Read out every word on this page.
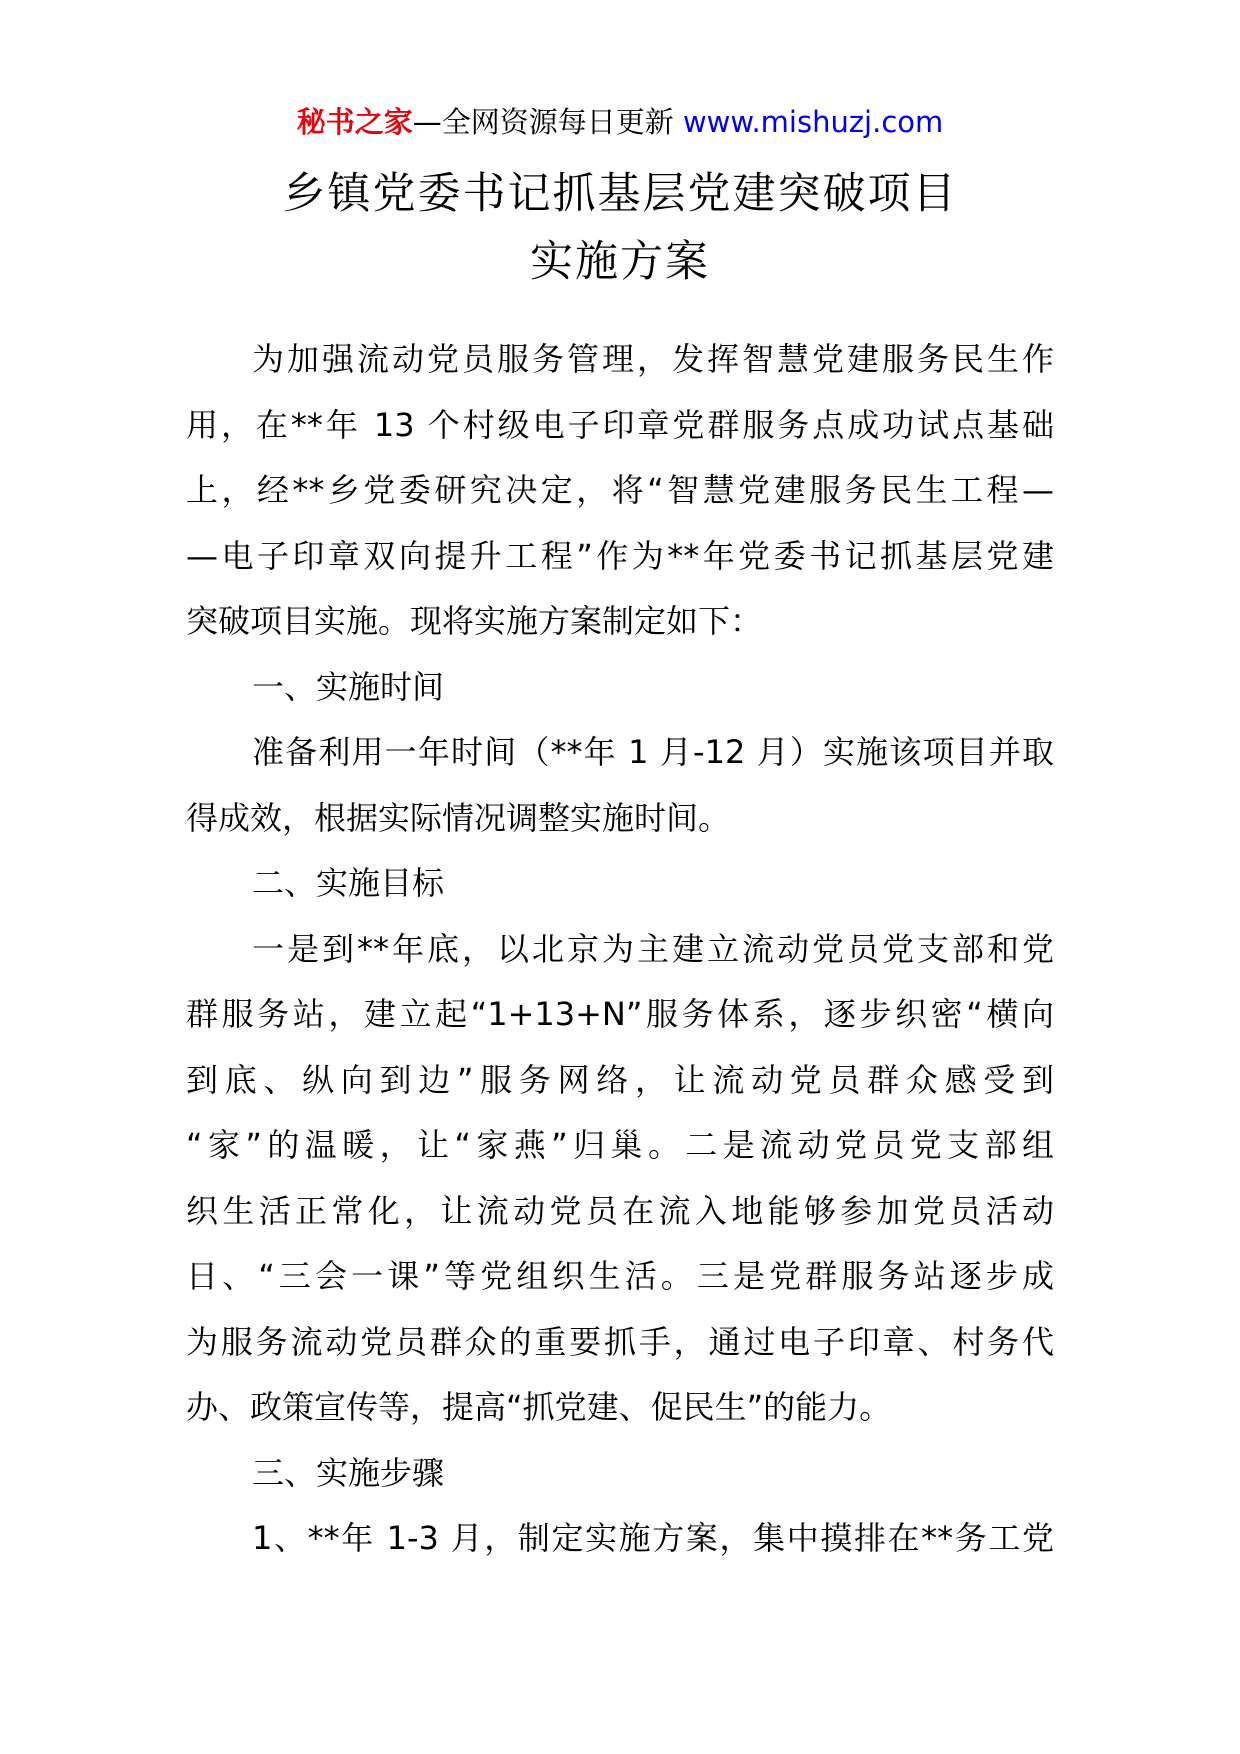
秘书之家—全网资源每日更新 www.mishuzj.com
乡镇党委书记抓基层党建突破项目
实施方案

为加强流动党员服务管理，发挥智慧党建服务民生作
用，在**年 13 个村级电子印章党群服务点成功试点基础
上，经**乡党委研究决定，将“智慧党建服务民生工程—
—电子印章双向提升工程”作为**年党委书记抓基层党建
突破项目实施。现将实施方案制定如下：

一、实施时间

准备利用一年时间（**年 1 月-12 月）实施该项目并取
得成效，根据实际情况调整实施时间。

二、实施目标

一是到**年底，以北京为主建立流动党员党支部和党
群服务站，建立起“1+13+N”服务体系，逐步织密“横向
到底、纵向到边”服务网络，让流动党员群众感受到
“家”的温暖，让“家燕”归巢。二是流动党员党支部组
织生活正常化，让流动党员在流入地能够参加党员活动
日、“三会一课”等党组织生活。三是党群服务站逐步成
为服务流动党员群众的重要抓手，通过电子印章、村务代
办、政策宣传等，提高“抓党建、促民生”的能力。

三、实施步骤

1、**年 1-3 月，制定实施方案，集中摸排在**务工党
